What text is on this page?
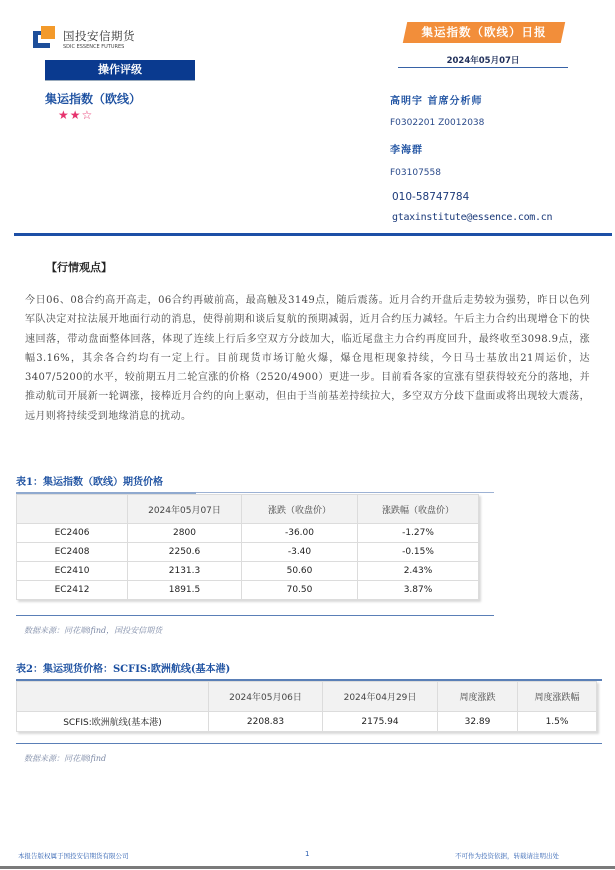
国投安信期货
SDIC ESSENCE FUTURES
操作评级
集运指数（欧线）
★★☆
集运指数（欧线）日报
2024年05月07日
高明宇 首席分析师
F0302201 Z0012038
李海群
F03107558
010-58747784
gtaxinstitute@essence.com.cn
【行情观点】
今日06、08合约高开高走，06合约再破前高，最高触及3149点，随后震荡。近月合约开盘后走势较为强势，昨日以色列军队决定对拉法展开地面行动的消息，使得前期和谈后复航的预期减弱，近月合约压力减轻。午后主力合约出现增仓下的快速回落，带动盘面整体回落，体现了连续上行后多空双方分歧加大，临近尾盘主力合约再度回升，最终收至3098.9点，涨幅3.16%，其余各合约均有一定上行。目前现货市场订舱火爆，爆仓甩柜现象持续，今日马士基放出21周运价，达3407/5200的水平，较前期五月二轮宣涨的价格（2520/4900）更进一步。目前看各家的宣涨有望获得较充分的落地，并推动航司开展新一轮调涨，接棒近月合约的向上驱动，但由于当前基差持续拉大，多空双方分歧下盘面或将出现较大震荡，远月则将持续受到地缘消息的扰动。
表1：集运指数（欧线）期货价格
	2024年05月07日	涨跌（收盘价）	涨跌幅（收盘价）
EC2406	2800	-36.00	-1.27%
EC2408	2250.6	-3.40	-0.15%
EC2410	2131.3	50.60	2.43%
EC2412	1891.5	70.50	3.87%
数据来源：同花顺ifind，国投安信期货
表2：集运现货价格：SCFIS:欧洲航线(基本港)
	2024年05月06日	2024年04月29日	周度涨跌	周度涨跌幅
SCFIS:欧洲航线(基本港)	2208.83	2175.94	32.89	1.5%
数据来源：同花顺ifind
本报告版权属于国投安信期货有限公司	1	不可作为投资依据，转载请注明出处
